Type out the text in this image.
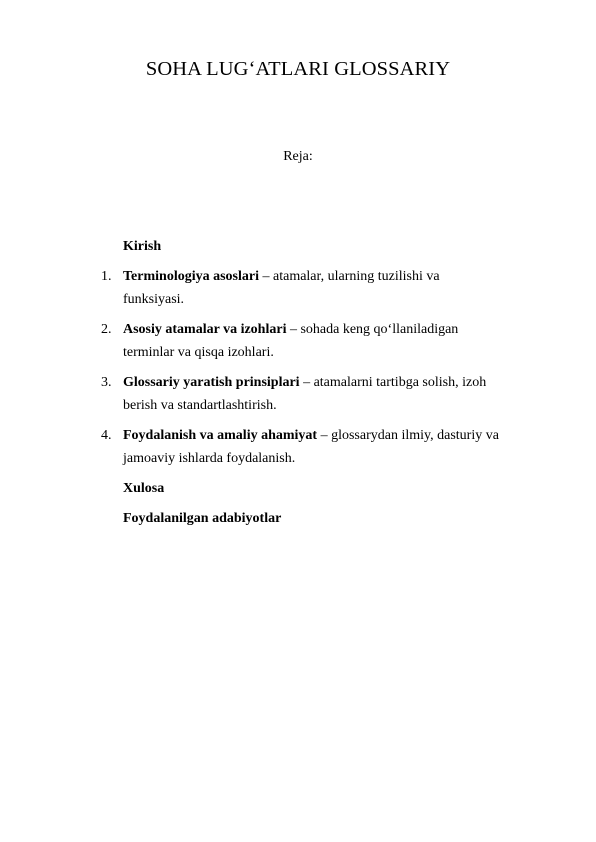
SOHA LUG‘ATLARI GLOSSARIY
Reja:
Kirish
1. Terminologiya asoslari – atamalar, ularning tuzilishi va
funksiyasi.
2. Asosiy atamalar va izohlari – sohada keng qo‘llaniladigan
terminlar va qisqa izohlari.
3. Glossariy yaratish prinsiplari – atamalarni tartibga solish, izoh
berish va standartlashtirish.
4. Foydalanish va amaliy ahamiyat – glossarydan ilmiy, dasturiy va
jamoaviy ishlarda foydalanish.
Xulosa
Foydalanilgan adabiyotlar
